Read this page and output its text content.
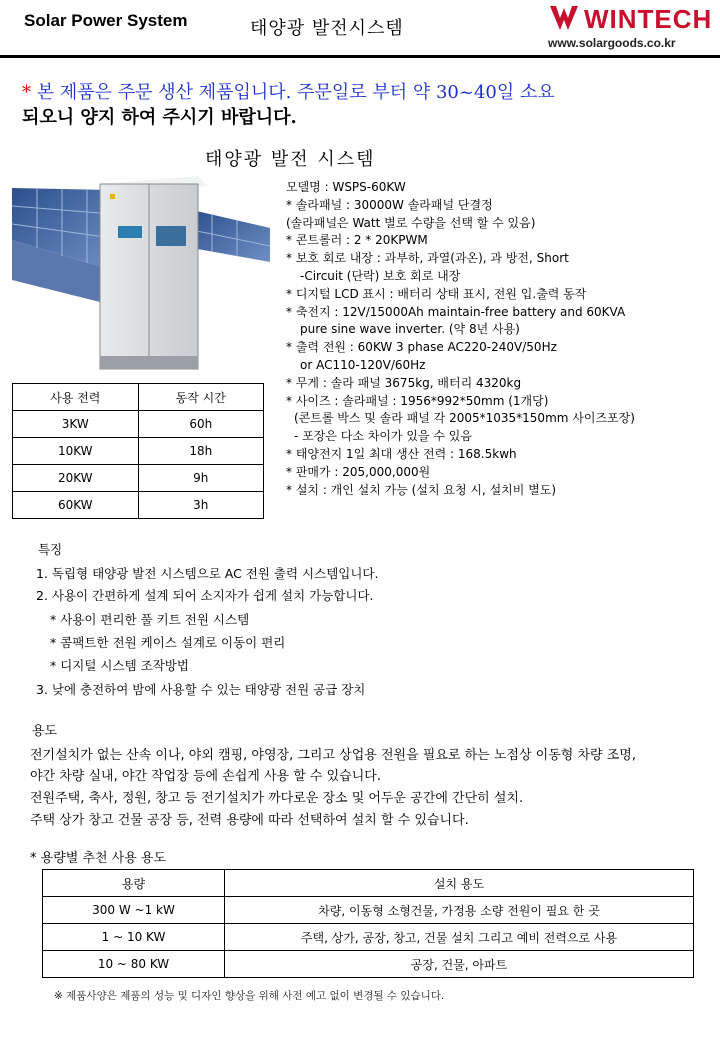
Solar Power System	태양광 발전시스템	WINTECH
www.solargoods.co.kr
* 본 제품은 주문 생산 제품입니다. 주문일로 부터 약 30~40일 소요
되오니 양지 하여 주시기 바랍니다.
태양광 발전 시스템
모델명 : WSPS-60KW
* 솔라패널 : 30000W 솔라패널 단결정
(솔라패널은 Watt 별로 수량을 선택 할 수 있음)
* 콘트롤러 : 2 * 20KPWM
* 보호 회로 내장 : 과부하, 과열(과온), 과 방전, Short
-Circuit (단락) 보호 회로 내장
* 디지털 LCD 표시 : 배터리 상태 표시, 전원 입.출력 동작
* 축전지 : 12V/15000Ah maintain-free battery and 60KVA
pure sine wave inverter. (약 8년 사용)
* 출력 전원 : 60KW 3 phase AC220-240V/50Hz
or AC110-120V/60Hz
* 무게 : 솔라 패널 3675kg, 배터리 4320kg
* 사이즈 : 솔라패널 : 1956*992*50mm (1개당)
(콘트롤 박스 및 솔라 패널 각 2005*1035*150mm 사이즈포장)
- 포장은 다소 차이가 있을 수 있음
* 태양전지 1일 최대 생산 전력 : 168.5kwh
* 판매가 : 205,000,000원
* 설치 : 개인 설치 가능 (설치 요청 시, 설치비 별도)
사용 전력	동작 시간
3KW	60h
10KW	18h
20KW	9h
60KW	3h
특징
1. 독립형 태양광 발전 시스템으로 AC 전원 출력 시스템입니다.
2. 사용이 간편하게 설계 되어 소지자가 쉽게 설치 가능합니다.
* 사용이 편리한 풀 키트 전원 시스템
* 콤팩트한 전원 케이스 설계로 이동이 편리
* 디지털 시스템 조작방법
3. 낮에 충전하여 밤에 사용할 수 있는 태양광 전원 공급 장치
용도
전기설치가 없는 산속 이나, 야외 캠핑, 야영장, 그리고 상업용 전원을 필요로 하는 노점상 이동형 차량 조명,
야간 차량 실내, 야간 작업장 등에 손쉽게 사용 할 수 있습니다.
전원주택, 축사, 정원, 창고 등 전기설치가 까다로운 장소 및 어두운 공간에 간단히 설치.
주택 상가 창고 건물 공장 등, 전력 용량에 따라 선택하여 설치 할 수 있습니다.
* 용량별 추천 사용 용도
용량	설치 용도
300 W ~1 kW	차량, 이동형 소형건물, 가정용 소량 전원이 필요 한 곳
1 ~ 10 KW	주택, 상가, 공장, 창고, 건물 설치 그리고 예비 전력으로 사용
10 ~ 80 KW	공장, 건물, 아파트
※ 제품사양은 제품의 성능 및 디자인 향상을 위해 사전 예고 없이 변경될 수 있습니다.
